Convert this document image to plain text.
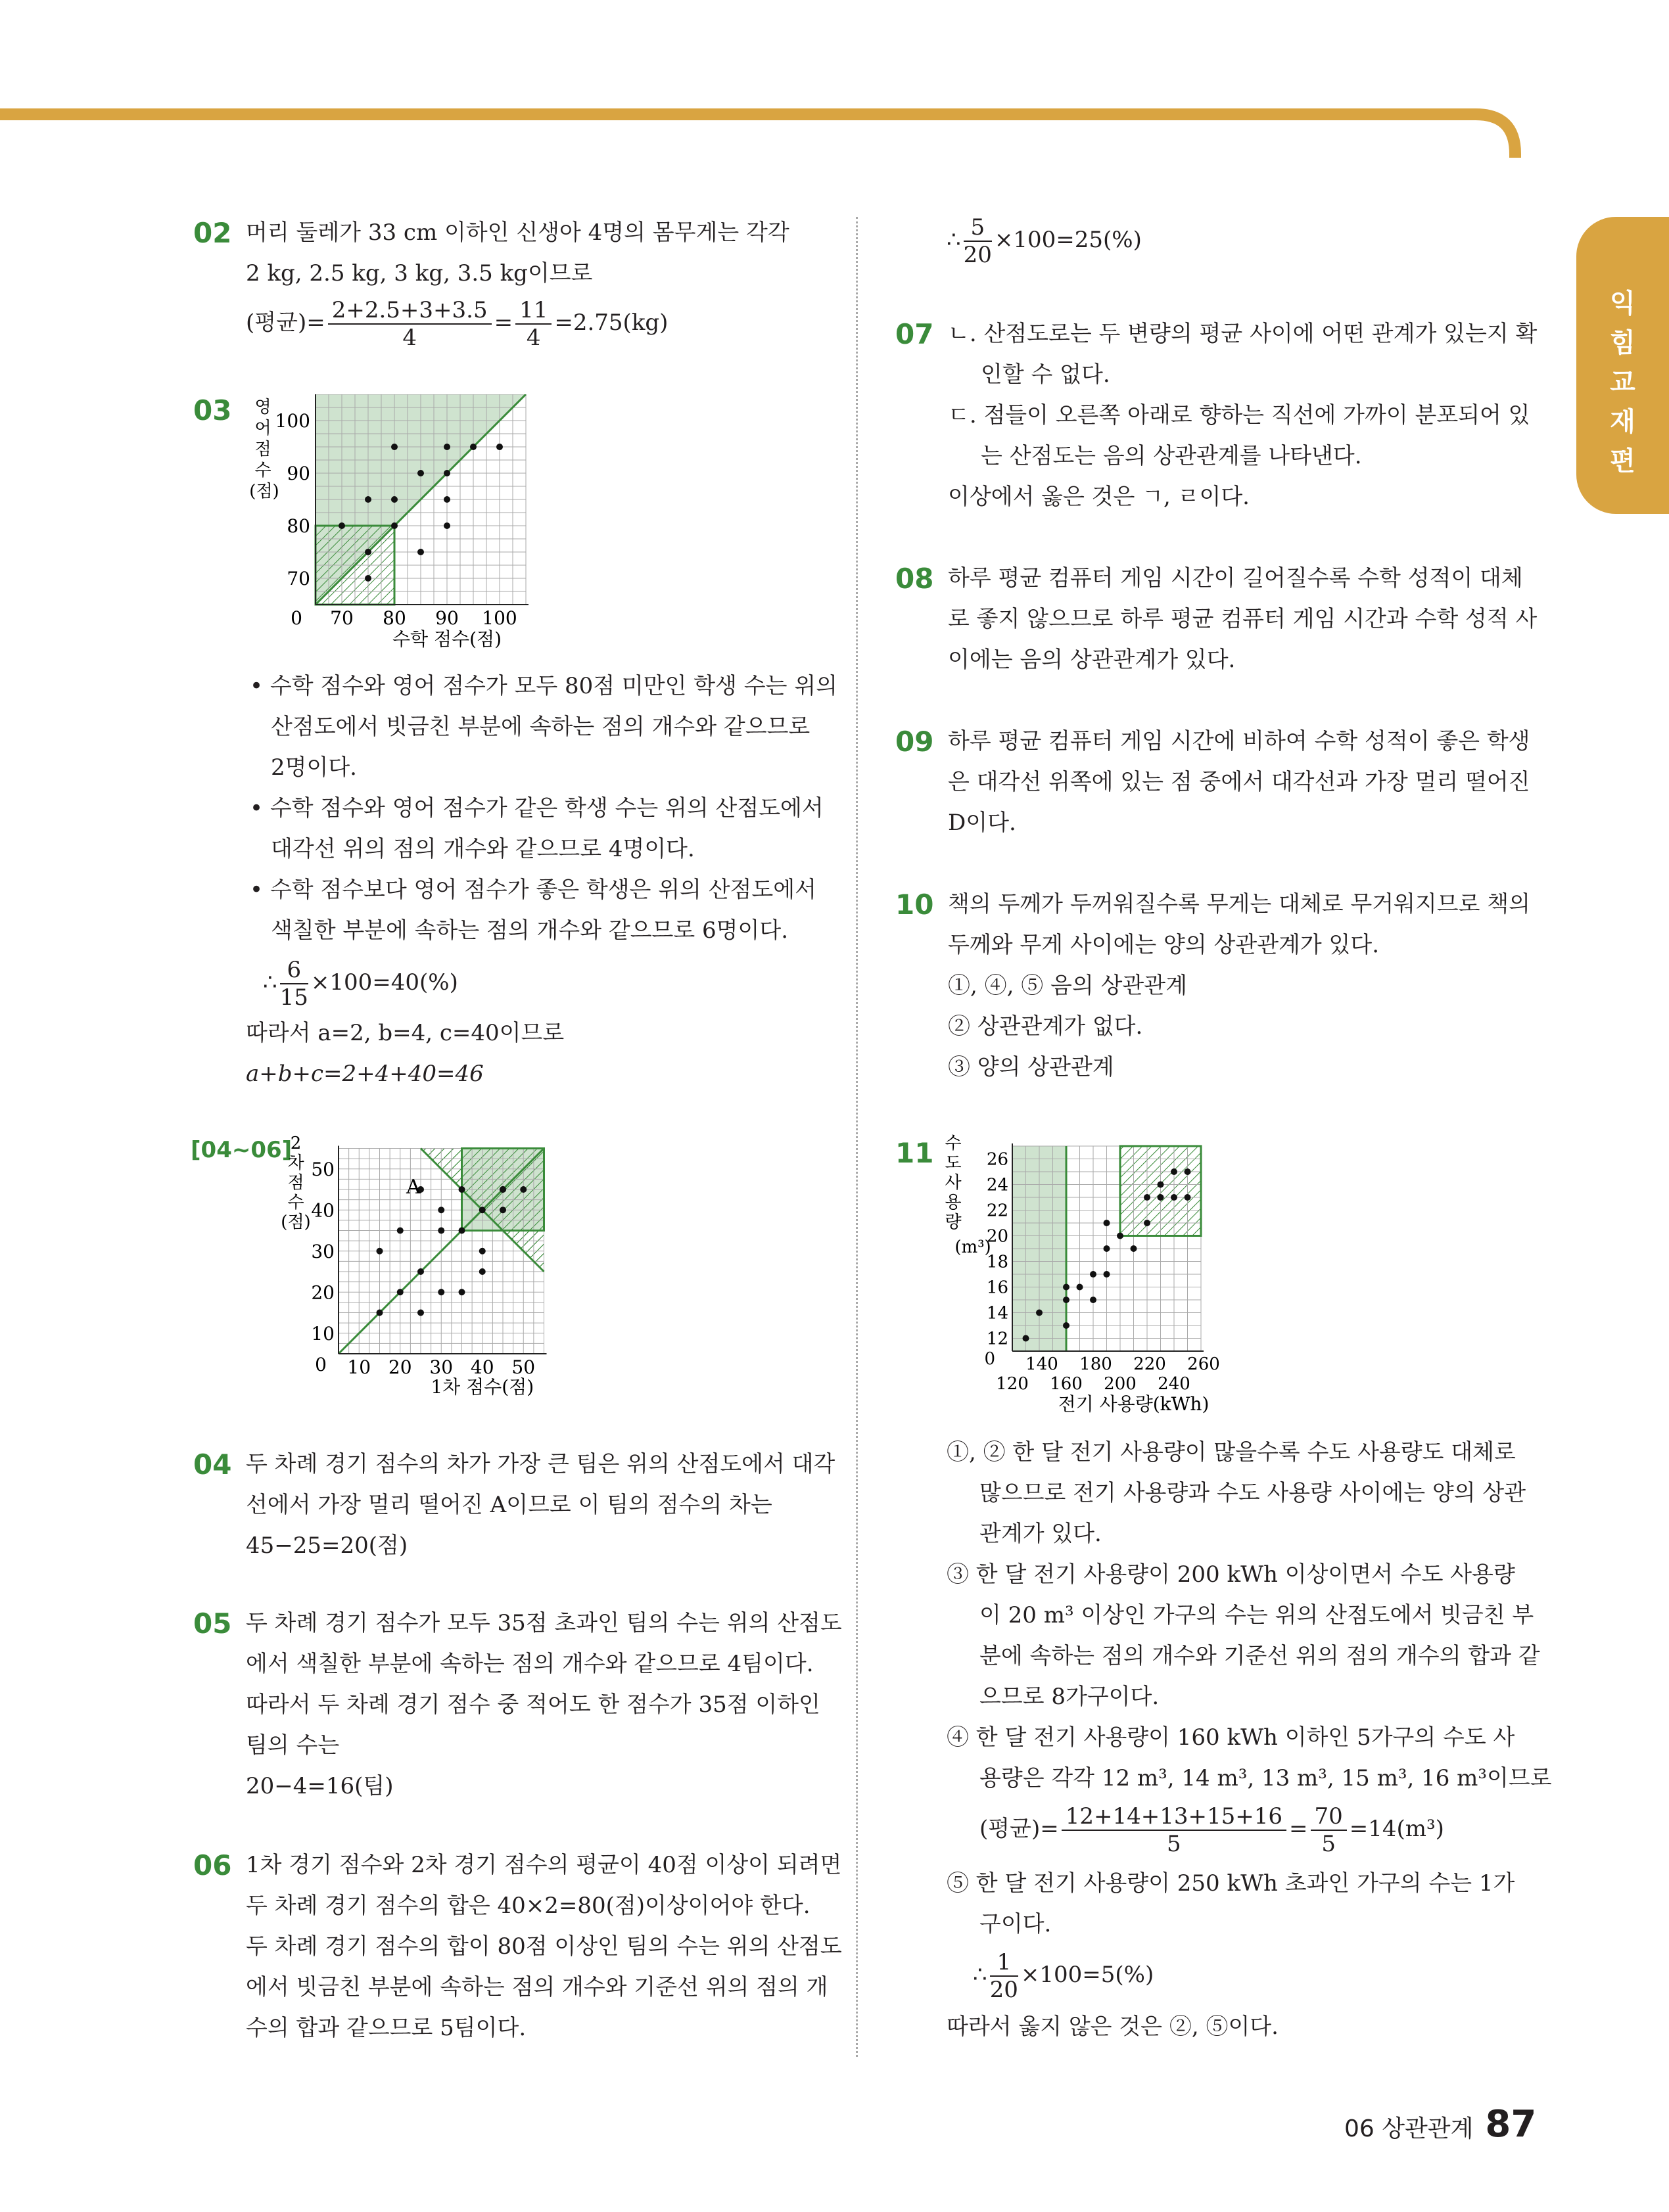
익
힘
교
재
편
02 머리 둘레가 33 cm 이하인 신생아 4명의 몸무게는 각각
2 kg, 2.5 kg, 3 kg, 3.5 kg이므로
(평균)= $\frac{2+2.5+3+3.5}{4} = \frac{11}{4} =2.75(kg)$
03
70
70
80
80
90
90
100
100
0
수학 점수(점)
영
어
점
수
(점)
• 수학 점수와 영어 점수가 모두 80점 미만인 학생 수는 위의
산점도에서 빗금친 부분에 속하는 점의 개수와 같으므로
2명이다.
• 수학 점수와 영어 점수가 같은 학생 수는 위의 산점도에서
대각선 위의 점의 개수와 같으므로 4명이다.
• 수학 점수보다 영어 점수가 좋은 학생은 위의 산점도에서
색칠한 부분에 속하는 점의 개수와 같으므로 6명이다.
∴ $\frac{6}{15} \times 100=40(\%)$
따라서 a=2, b=4, c=40이므로
a+b+c=2+4+40=46
[04~06]
A
10
10
20
20
30
30
40
40
50
50
0
1차 점수(점)
2
차
점
수
(점)
04 두 차례 경기 점수의 차가 가장 큰 팀은 위의 산점도에서 대각
선에서 가장 멀리 떨어진 A이므로 이 팀의 점수의 차는
45−25=20(점)
05 두 차례 경기 점수가 모두 35점 초과인 팀의 수는 위의 산점도
에서 색칠한 부분에 속하는 점의 개수와 같으므로 4팀이다.
따라서 두 차례 경기 점수 중 적어도 한 점수가 35점 이하인
팀의 수는
20−4=16(팀)
06 1차 경기 점수와 2차 경기 점수의 평균이 40점 이상이 되려면
두 차례 경기 점수의 합은 40×2=80(점)이상이어야 한다.
두 차례 경기 점수의 합이 80점 이상인 팀의 수는 위의 산점도
에서 빗금친 부분에 속하는 점의 개수와 기준선 위의 점의 개
수의 합과 같으므로 5팀이다.
∴ $\frac{5}{20} \times 100=25(\%)$
07 ㄴ. 산점도로는 두 변량의 평균 사이에 어떤 관계가 있는지 확
인할 수 없다.
ㄷ. 점들이 오른쪽 아래로 향하는 직선에 가까이 분포되어 있
는 산점도는 음의 상관관계를 나타낸다.
이상에서 옳은 것은 ㄱ, ㄹ이다.
08 하루 평균 컴퓨터 게임 시간이 길어질수록 수학 성적이 대체
로 좋지 않으므로 하루 평균 컴퓨터 게임 시간과 수학 성적 사
이에는 음의 상관관계가 있다.
09 하루 평균 컴퓨터 게임 시간에 비하여 수학 성적이 좋은 학생
은 대각선 위쪽에 있는 점 중에서 대각선과 가장 멀리 떨어진
D이다.
10 책의 두께가 두꺼워질수록 무게는 대체로 무거워지므로 책의
두께와 무게 사이에는 양의 상관관계가 있다.
①, ④, ⑤ 음의 상관관계
② 상관관계가 없다.
③ 양의 상관관계
11
140 180 220 260
120 160 200 240
12
14
16
18
20
22
24
26
0
전기 사용량(kWh)
수
도
사
용
량
(m³)
①, ② 한 달 전기 사용량이 많을수록 수도 사용량도 대체로
많으므로 전기 사용량과 수도 사용량 사이에는 양의 상관
관계가 있다.
③ 한 달 전기 사용량이 200 kWh 이상이면서 수도 사용량
이 20 m³ 이상인 가구의 수는 위의 산점도에서 빗금친 부
분에 속하는 점의 개수와 기준선 위의 점의 개수의 합과 같
으므로 8가구이다.
④ 한 달 전기 사용량이 160 kWh 이하인 5가구의 수도 사
용량은 각각 12 m³, 14 m³, 13 m³, 15 m³, 16 m³이므로
(평균)= $\frac{12+14+13+15+16}{5} = \frac{70}{5} =14(m^3)$
⑤ 한 달 전기 사용량이 250 kWh 초과인 가구의 수는 1가
구이다.
∴ $\frac{1}{20} \times 100=5(\%)$
따라서 옳지 않은 것은 ②, ⑤이다.
06 상관관계 87
